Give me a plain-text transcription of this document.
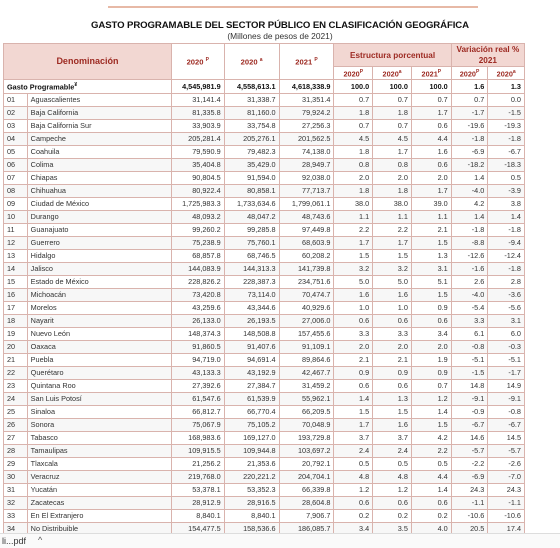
GASTO PROGRAMABLE DEL SECTOR PÚBLICO EN CLASIFICACIÓN GEOGRÁFICA
(Millones de pesos de 2021)
Denominación		2020 $^P$	2020 $^a$	2021 $^P$	Estructura porcentual			Variación real % 2021	
					$2020^P$	2020$^a$	$2021^P$	$2020^P$	2020$^a$
Gasto Programable¥		4,545,981.9	4,558,613.1	4,618,338.9	100.0	100.0	100.0	1.6	1.3
01	Aguascalientes	31,141.4	31,338.7	31,351.4	0.7	0.7	0.7	0.7	0.0
02	Baja California	81,335.8	81,160.0	79,924.2	1.8	1.8	1.7	-1.7	-1.5
03	Baja California Sur	33,903.9	33,754.8	27,256.3	0.7	0.7	0.6	-19.6	-19.3
04	Campeche	205,281.4	205,276.1	201,562.5	4.5	4.5	4.4	-1.8	-1.8
05	Coahuila	79,590.9	79,482.3	74,138.0	1.8	1.7	1.6	-6.9	-6.7
06	Colima	35,404.8	35,429.0	28,949.7	0.8	0.8	0.6	-18.2	-18.3
07	Chiapas	90,804.5	91,594.0	92,038.0	2.0	2.0	2.0	1.4	0.5
08	Chihuahua	80,922.4	80,858.1	77,713.7	1.8	1.8	1.7	-4.0	-3.9
09	Ciudad de México	1,725,983.3	1,733,634.6	1,799,061.1	38.0	38.0	39.0	4.2	3.8
10	Durango	48,093.2	48,047.2	48,743.6	1.1	1.1	1.1	1.4	1.4
11	Guanajuato	99,260.2	99,285.8	97,449.8	2.2	2.2	2.1	-1.8	-1.8
12	Guerrero	75,238.9	75,760.1	68,603.9	1.7	1.7	1.5	-8.8	-9.4
13	Hidalgo	68,857.8	68,746.5	60,208.2	1.5	1.5	1.3	-12.6	-12.4
14	Jalisco	144,083.9	144,313.3	141,739.8	3.2	3.2	3.1	-1.6	-1.8
15	Estado de México	228,826.2	228,387.3	234,751.6	5.0	5.0	5.1	2.6	2.8
16	Michoacán	73,420.8	73,114.0	70,474.7	1.6	1.6	1.5	-4.0	-3.6
17	Morelos	43,259.6	43,344.6	40,929.6	1.0	1.0	0.9	-5.4	-5.6
18	Nayarit	26,133.0	26,193.5	27,006.0	0.6	0.6	0.6	3.3	3.1
19	Nuevo León	148,374.3	148,508.8	157,455.6	3.3	3.3	3.4	6.1	6.0
20	Oaxaca	91,860.5	91,407.6	91,109.1	2.0	2.0	2.0	-0.8	-0.3
21	Puebla	94,719.0	94,691.4	89,864.6	2.1	2.1	1.9	-5.1	-5.1
22	Querétaro	43,133.3	43,192.9	42,467.7	0.9	0.9	0.9	-1.5	-1.7
23	Quintana Roo	27,392.6	27,384.7	31,459.2	0.6	0.6	0.7	14.8	14.9
24	San Luis Potosí	61,547.6	61,539.9	55,962.1	1.4	1.3	1.2	-9.1	-9.1
25	Sinaloa	66,812.7	66,770.4	66,209.5	1.5	1.5	1.4	-0.9	-0.8
26	Sonora	75,067.9	75,105.2	70,048.9	1.7	1.6	1.5	-6.7	-6.7
27	Tabasco	168,983.6	169,127.0	193,729.8	3.7	3.7	4.2	14.6	14.5
28	Tamaulipas	109,915.5	109,944.8	103,697.2	2.4	2.4	2.2	-5.7	-5.7
29	Tlaxcala	21,256.2	21,353.6	20,792.1	0.5	0.5	0.5	-2.2	-2.6
30	Veracruz	219,768.0	220,221.2	204,704.1	4.8	4.8	4.4	-6.9	-7.0
31	Yucatán	53,378.1	53,352.3	66,339.8	1.2	1.2	1.4	24.3	24.3
32	Zacatecas	28,912.9	28,916.5	28,604.8	0.6	0.6	0.6	-1.1	-1.1
33	En El Extranjero	8,840.1	8,840.1	7,906.7	0.2	0.2	0.2	-10.6	-10.6
34	No Distribuible	154,477.5	158,536.6	186,085.7	3.4	3.5	4.0	20.5	17.4
li...pdf ^
